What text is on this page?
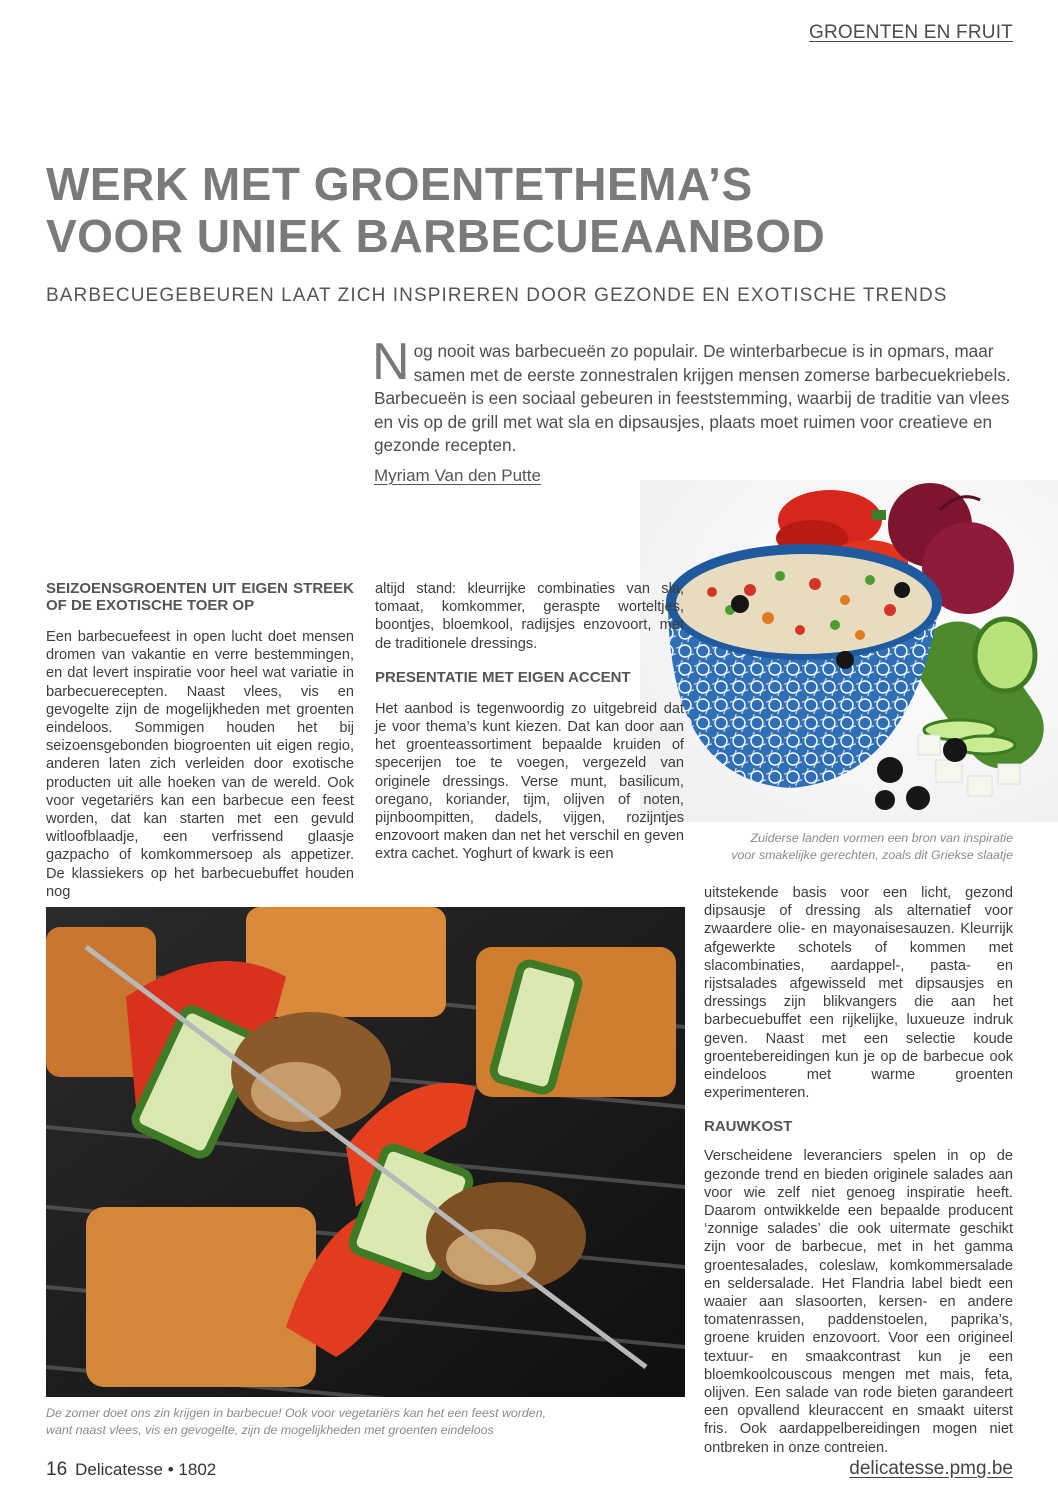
GROENTEN EN FRUIT
WERK MET GROENTETHEMA’S
VOOR UNIEK BARBECUEAANBOD
BARBECUEGEBEUREN LAAT ZICH INSPIREREN DOOR GEZONDE EN EXOTISCHE TRENDS
Nog nooit was barbecueën zo populair. De winterbarbecue is in opmars, maar samen met de eerste zonnestralen krijgen mensen zomerse barbecuekriebels. Barbecueën is een sociaal gebeuren in feeststemming, waarbij de traditie van vlees en vis op de grill met wat sla en dipsausjes, plaats moet ruimen voor creatieve en gezonde recepten.
Myriam Van den Putte
Zuiderse landen vormen een bron van inspiratie
voor smakelijke gerechten, zoals dit Griekse slaatje
SEIZOENSGROENTEN UIT EIGEN STREEK OF DE EXOTISCHE TOER OP

Een barbecuefeest in open lucht doet mensen dromen van vakantie en verre bestemmingen, en dat levert inspiratie voor heel wat variatie in barbecuerecepten. Naast vlees, vis en gevogelte zijn de mogelijkheden met groenten eindeloos. Sommigen houden het bij seizoensgebonden biogroenten uit eigen regio, anderen laten zich verleiden door exotische producten uit alle hoeken van de wereld. Ook voor vegetariërs kan een barbecue een feest worden, dat kan starten met een gevuld witloofblaadje, een verfrissend glaasje gazpacho of komkommersoep als appetizer. De klassiekers op het barbecuebuffet houden nog

altijd stand: kleurrijke combinaties van sla, tomaat, komkommer, geraspte worteltjes, boontjes, bloemkool, radijsjes enzovoort, met de traditionele dressings.

PRESENTATIE MET EIGEN ACCENT

Het aanbod is tegenwoordig zo uitgebreid dat je voor thema’s kunt kiezen. Dat kan door aan het groenteassortiment bepaalde kruiden of specerijen toe te voegen, vergezeld van originele dressings. Verse munt, basilicum, oregano, koriander, tijm, olijven of noten, pijnboompitten, dadels, vijgen, rozijntjes enzovoort maken dan net het verschil en geven extra cachet. Yoghurt of kwark is een

De zomer doet ons zin krijgen in barbecue! Ook voor vegetariërs kan het een feest worden,
want naast vlees, vis en gevogelte, zijn de mogelijkheden met groenten eindeloos

uitstekende basis voor een licht, gezond dipsausje of dressing als alternatief voor zwaardere olie- en mayonaisesauzen. Kleurrijk afgewerkte schotels of kommen met slacombinaties, aardappel-, pasta- en rijstsalades afgewisseld met dipsausjes en dressings zijn blikvangers die aan het barbecuebuffet een rijkelijke, luxueuze indruk geven. Naast met een selectie koude groentebereidingen kun je op de barbecue ook eindeloos met warme groenten experimenteren.

RAUWKOST

Verscheidene leveranciers spelen in op de gezonde trend en bieden originele salades aan voor wie zelf niet genoeg inspiratie heeft. Daarom ontwikkelde een bepaalde producent ‘zonnige salades’ die ook uitermate geschikt zijn voor de barbecue, met in het gamma groentesalades, coleslaw, komkommersalade en seldersalade. Het Flandria label biedt een waaier aan slasoorten, kersen- en andere tomatenrassen, paddenstoelen, paprika’s, groene kruiden enzovoort. Voor een origineel textuur- en smaakcontrast kun je een bloemkoolcouscous mengen met mais, feta, olijven. Een salade van rode bieten garandeert een opvallend kleuraccent en smaakt uiterst fris. Ook aardappelbereidingen mogen niet ontbreken in onze contreien.

16 Delicatesse • 1802	delicatesse.pmg.be
